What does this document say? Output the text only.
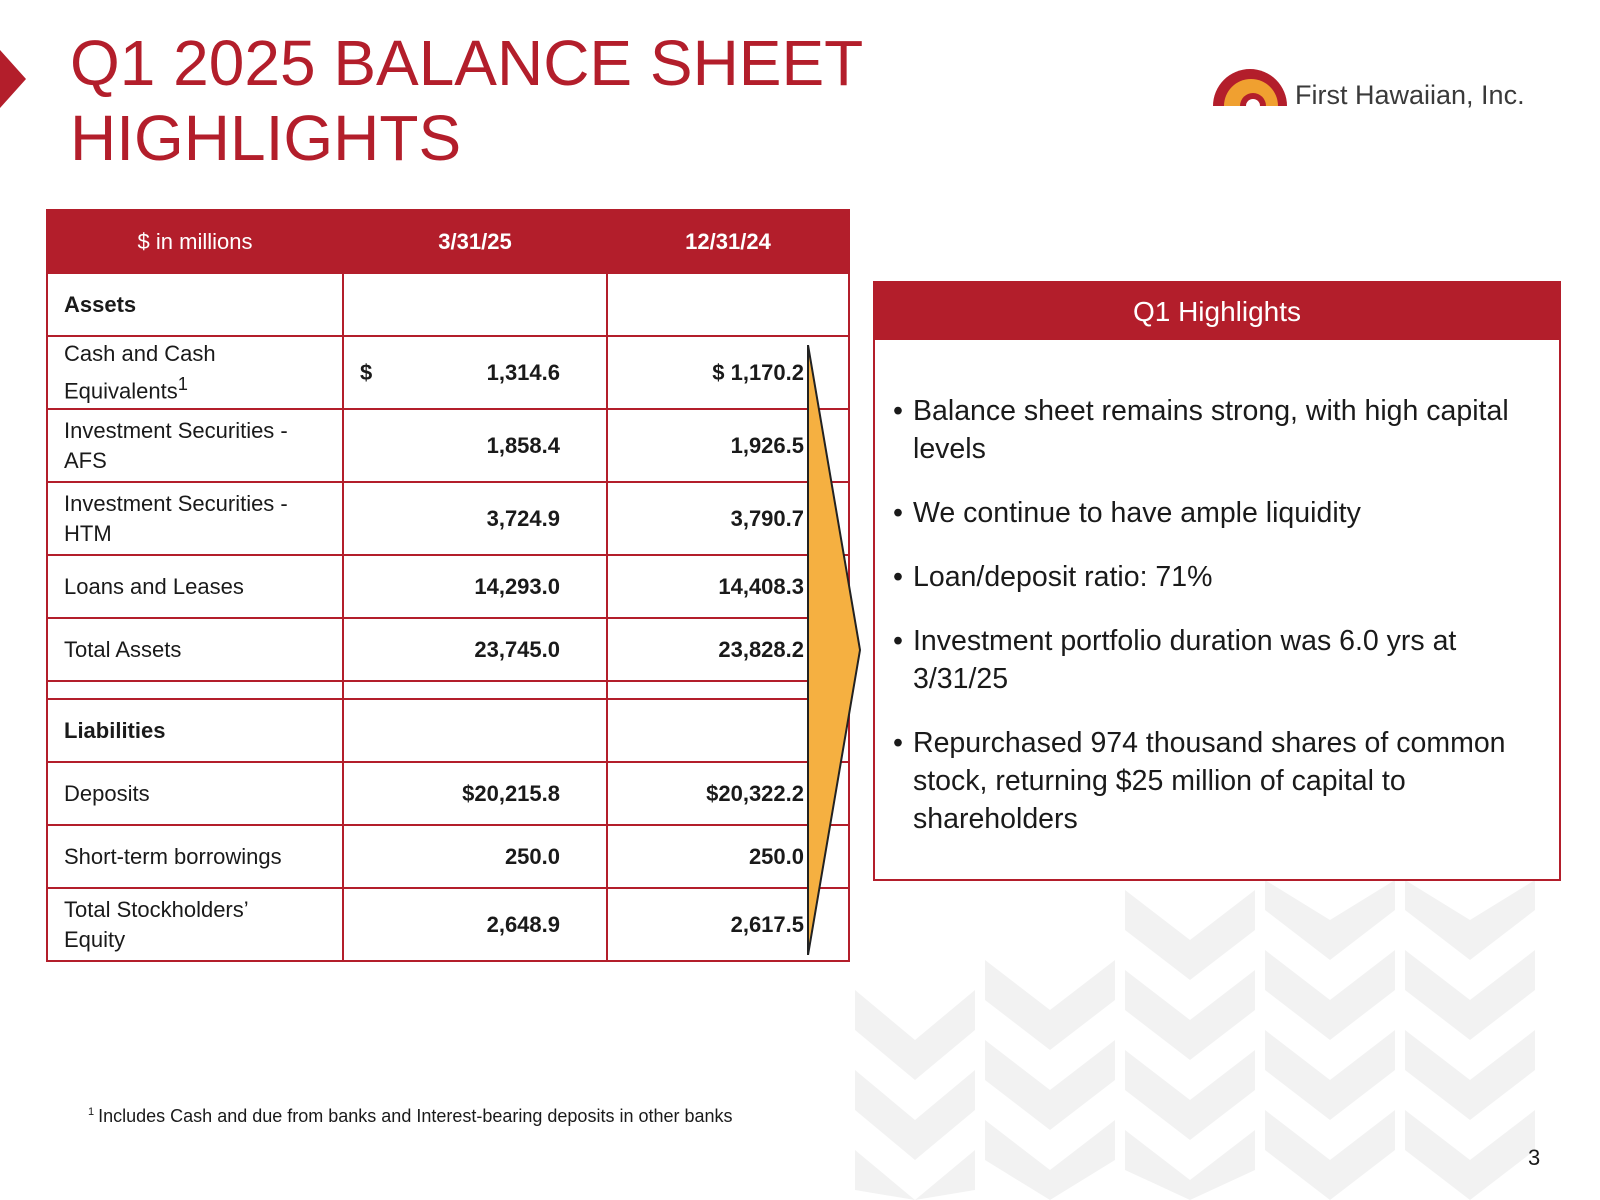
Q1 2025 BALANCE SHEET
HIGHLIGHTS
First Hawaiian, Inc.
$ in millions	3/31/25	12/31/24
Assets		

Cash and Cash
Equivalents$^1$	$ 1,314.6	$ 1,170.2

Investment Securities -
AFS	1,858.4	1,926.5

Investment Securities -
HTM	3,724.9	3,790.7
Loans and Leases	14,293.0	14,408.3
Total Assets	23,745.0	23,828.2

Liabilities		
Deposits	$20,215.8	$20,322.2
Short-term borrowings	250.0	250.0

Total Stockholders’
Equity	2,648.9	2,617.5
Q1 Highlights
• Balance sheet remains strong, with high capital levels
• We continue to have ample liquidity
• Loan/deposit ratio: 71%
• Investment portfolio duration was 6.0 yrs at 3/31/25
• Repurchased 974 thousand shares of common stock, returning $25 million of capital to shareholders
$^1$ Includes Cash and due from banks and Interest-bearing deposits in other banks
3
